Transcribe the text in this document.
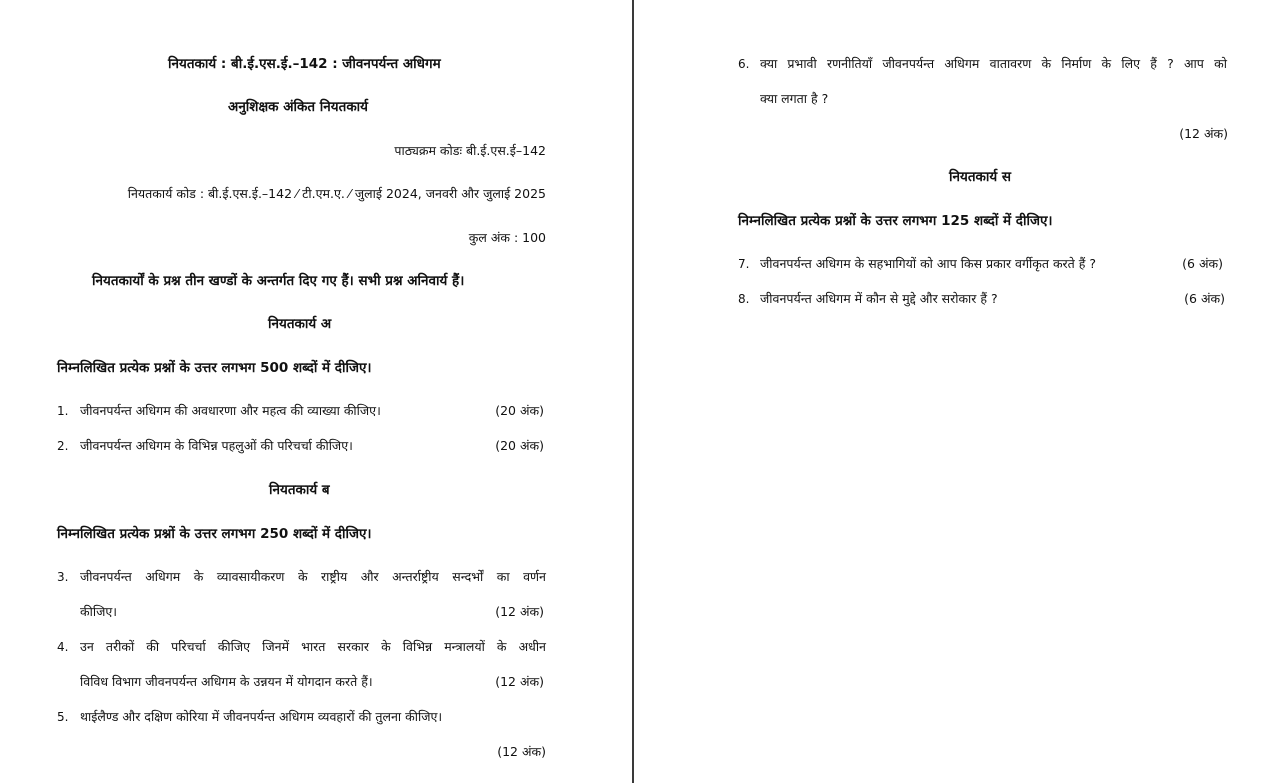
नियतकार्य : बी.ई.एस.ई.–142 : जीवनपर्यन्त अधिगम
अनुशिक्षक अंकित नियतकार्य
पाठ्यक्रम कोडः बी.ई.एस.ई–142
नियतकार्य कोड : बी.ई.एस.ई.–142 ⁄ टी.एम.ए. ⁄ जुलाई 2024, जनवरी और जुलाई 2025
कुल अंक : 100
नियतकार्यों के प्रश्न तीन खण्डों के अन्तर्गत दिए गए हैं। सभी प्रश्न अनिवार्य हैं।
नियतकार्य अ
निम्नलिखित प्रत्येक प्रश्नों के उत्तर लगभग 500 शब्दों में दीजिए।
1. जीवनपर्यन्त अधिगम की अवधारणा और महत्व की व्याख्या कीजिए।	(20 अंक)
2. जीवनपर्यन्त अधिगम के विभिन्न पहलुओं की परिचर्चा कीजिए।	(20 अंक)
नियतकार्य ब
निम्नलिखित प्रत्येक प्रश्नों के उत्तर लगभग 250 शब्दों में दीजिए।
3. जीवनपर्यन्त अधिगम के व्यावसायीकरण के राष्ट्रीय और अन्तर्राष्ट्रीय सन्दर्भों का वर्णन
कीजिए।	(12 अंक)
4. उन तरीकों की परिचर्चा कीजिए जिनमें भारत सरकार के विभिन्न मन्त्रालयों के अधीन
विविध विभाग जीवनपर्यन्त अधिगम के उन्नयन में योगदान करते हैं।	(12 अंक)
5. थाईलैण्ड और दक्षिण कोरिया में जीवनपर्यन्त अधिगम व्यवहारों की तुलना कीजिए।
(12 अंक)
6. क्या प्रभावी रणनीतियाँ जीवनपर्यन्त अधिगम वातावरण के निर्माण के लिए हैं ? आप को
क्या लगता है ?
(12 अंक)
नियतकार्य स
निम्नलिखित प्रत्येक प्रश्नों के उत्तर लगभग 125 शब्दों में दीजिए।
7. जीवनपर्यन्त अधिगम के सहभागियों को आप किस प्रकार वर्गीकृत करते हैं ?	(6 अंक)
8. जीवनपर्यन्त अधिगम में कौन से मुद्दे और सरोकार हैं ?	(6 अंक)
